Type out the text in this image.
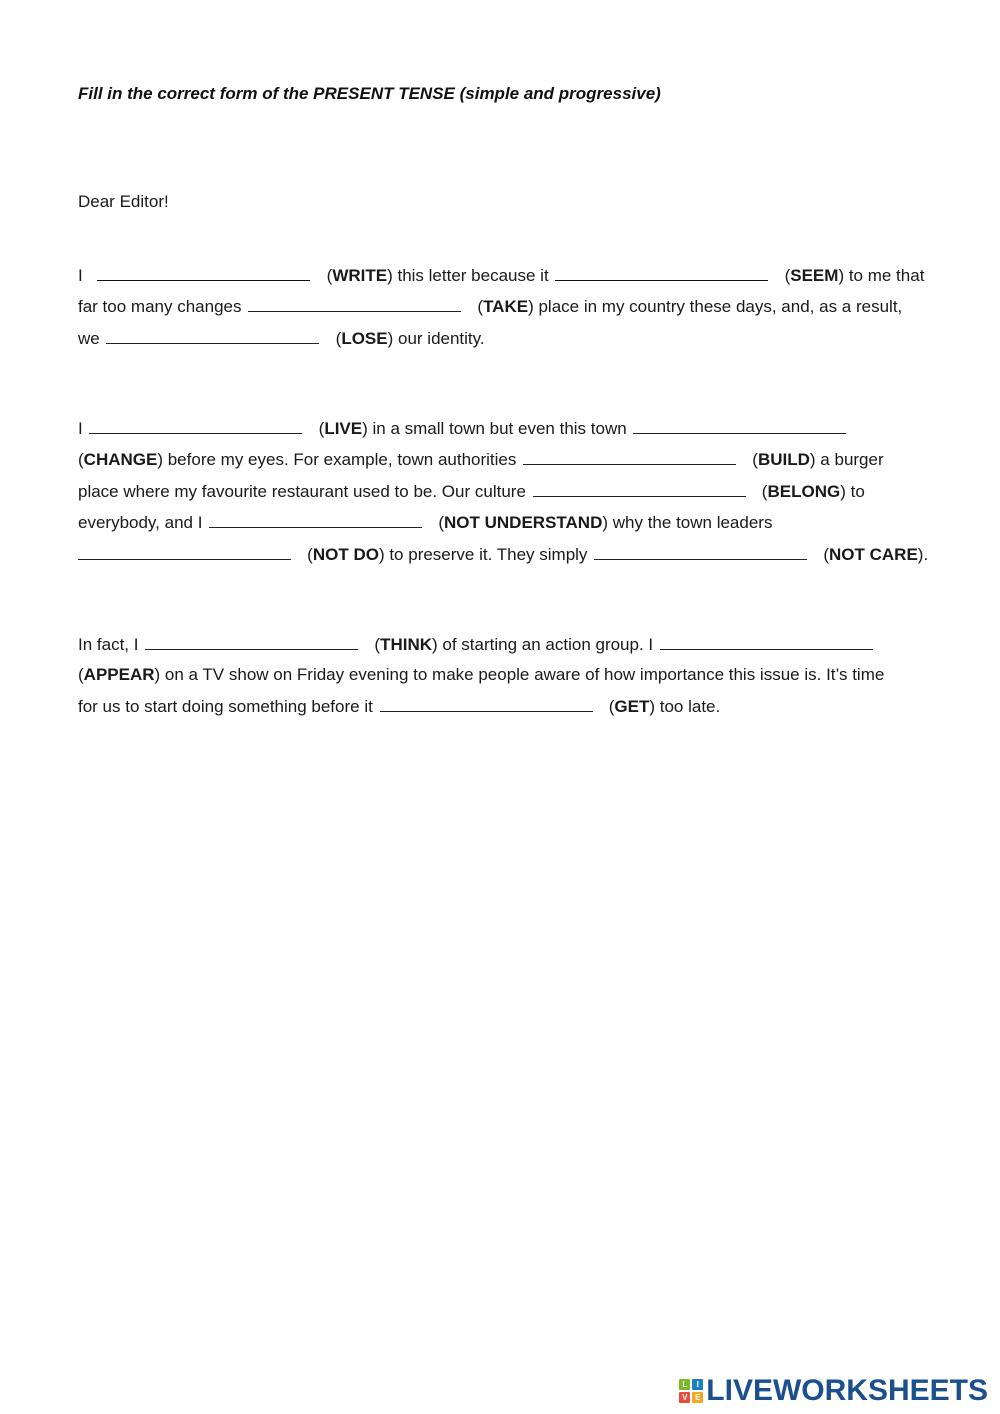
Fill in the correct form of the PRESENT TENSE (simple and progressive)

Dear Editor!

I	(WRITE) this letter because it	(SEEM) to me that
far too many changes	(TAKE) place in my country these days, and, as a result,
we	(LOSE) our identity.
I	(LIVE) in a small town but even this town
(CHANGE) before my eyes. For example, town authorities	(BUILD) a burger
place where my favourite restaurant used to be. Our culture	(BELONG) to
everybody, and I	(NOT UNDERSTAND) why the town leaders
(NOT DO) to preserve it. They simply	(NOT CARE).
In fact, I	(THINK) of starting an action group. I
(APPEAR) on a TV show on Friday evening to make people aware of how importance this issue is. It’s time
for us to start doing something before it	(GET) too late.
L	I
V E LIVEWORKSHEETS
